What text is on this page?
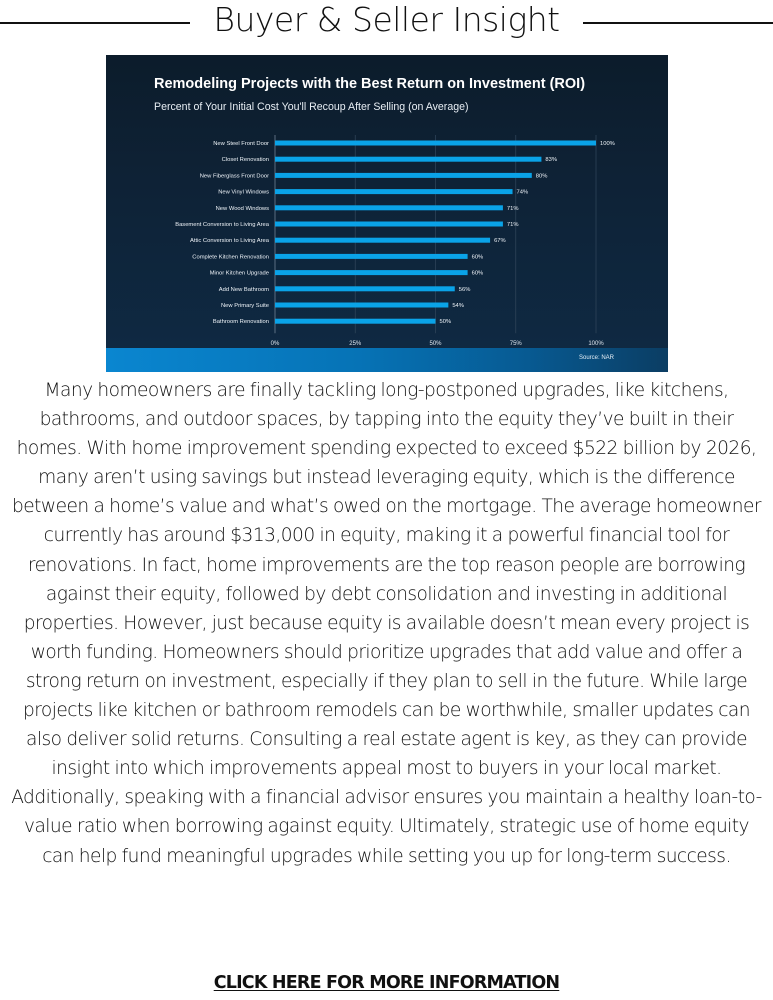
Buyer & Seller Insight
Remodeling Projects with the Best Return on Investment (ROI)
Percent of Your Initial Cost You'll Recoup After Selling (on Average)
0%	25%	50%	75%	100%
New Steel Front Door	100%
Closet Renovation	83%
New Fiberglass Front Door	80%
New Vinyl Windows	74%
New Wood Windows	71%
Basement Conversion to Living Area	71%
Attic Conversion to Living Area	67%
Complete Kitchen Renovation	60%
Minor Kitchen Upgrade	60%
Add New Bathroom	56%
New Primary Suite	54%
Bathroom Renovation	50%
Source: NAR
Many homeowners are finally tackling long-postponed upgrades, like kitchens, bathrooms, and outdoor spaces, by tapping into the equity they’ve built in their homes. With home improvement spending expected to exceed $522 billion by 2026, many aren’t using savings but instead leveraging equity, which is the difference between a home’s value and what’s owed on the mortgage. The average homeowner currently has around $313,000 in equity, making it a powerful financial tool for renovations. In fact, home improvements are the top reason people are borrowing against their equity, followed by debt consolidation and investing in additional properties. However, just because equity is available doesn’t mean every project is worth funding. Homeowners should prioritize upgrades that add value and offer a strong return on investment, especially if they plan to sell in the future. While large projects like kitchen or bathroom remodels can be worthwhile, smaller updates can also deliver solid returns. Consulting a real estate agent is key, as they can provide insight into which improvements appeal most to buyers in your local market. Additionally, speaking with a financial advisor ensures you maintain a healthy loan-to-value ratio when borrowing against equity. Ultimately, strategic use of home equity can help fund meaningful upgrades while setting you up for long-term success.
CLICK HERE FOR MORE INFORMATION
